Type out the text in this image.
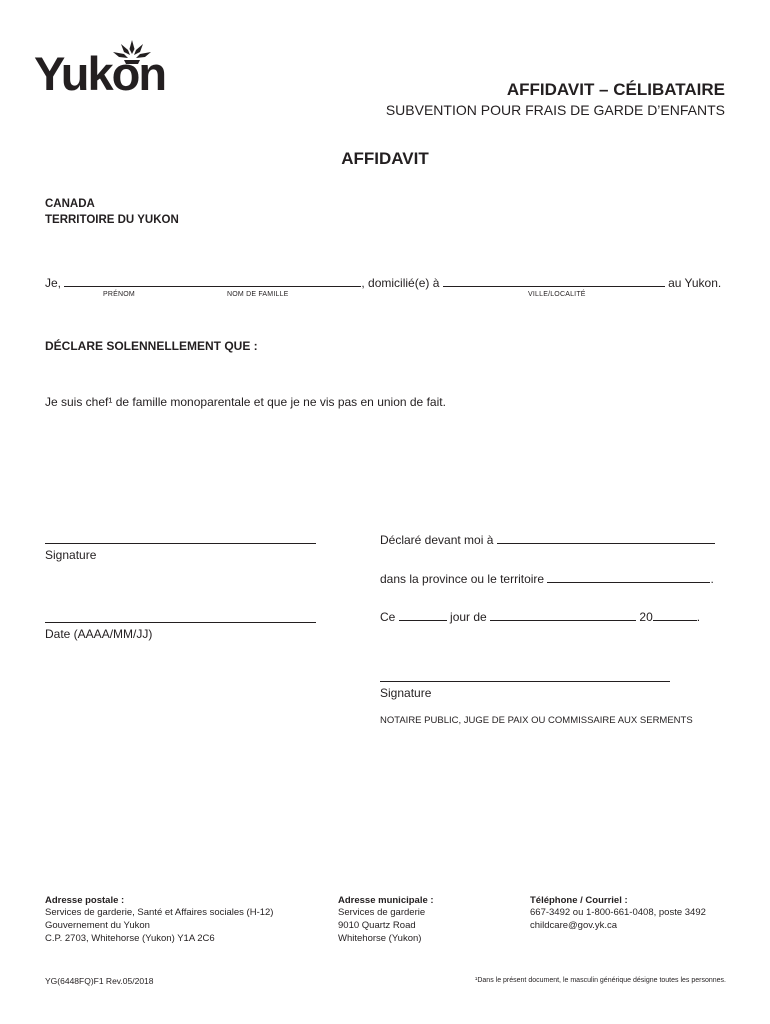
Yukon	AFFIDAVIT – CÉLIBATAIRE
SUBVENTION POUR FRAIS DE GARDE D’ENFANTS
AFFIDAVIT
CANADA
TERRITOIRE DU YUKON
Je,	, domicilié(e) à	au Yukon.
PRÉNOM	NOM DE FAMILLE	VILLE/LOCALITÉ
DÉCLARE SOLENNELLEMENT QUE :
Je suis chef¹ de famille monoparentale et que je ne vis pas en union de fait.
Signature
Date (AAAA/MM/JJ)
Déclaré devant moi à
dans la province ou le territoire	.
Ce	jour de	20	.
Signature
NOTAIRE PUBLIC, JUGE DE PAIX OU COMMISSAIRE AUX SERMENTS
Adresse postale :
Services de garderie, Santé et Affaires sociales (H-12)
Gouvernement du Yukon
C.P. 2703, Whitehorse (Yukon) Y1A 2C6
Adresse municipale :
Services de garderie
9010 Quartz Road
Whitehorse (Yukon)
Téléphone / Courriel :
667-3492 ou 1-800-661-0408, poste 3492
childcare@gov.yk.ca
YG(6448FQ)F1 Rev.05/2018	¹Dans le présent document, le masculin générique désigne toutes les personnes.
